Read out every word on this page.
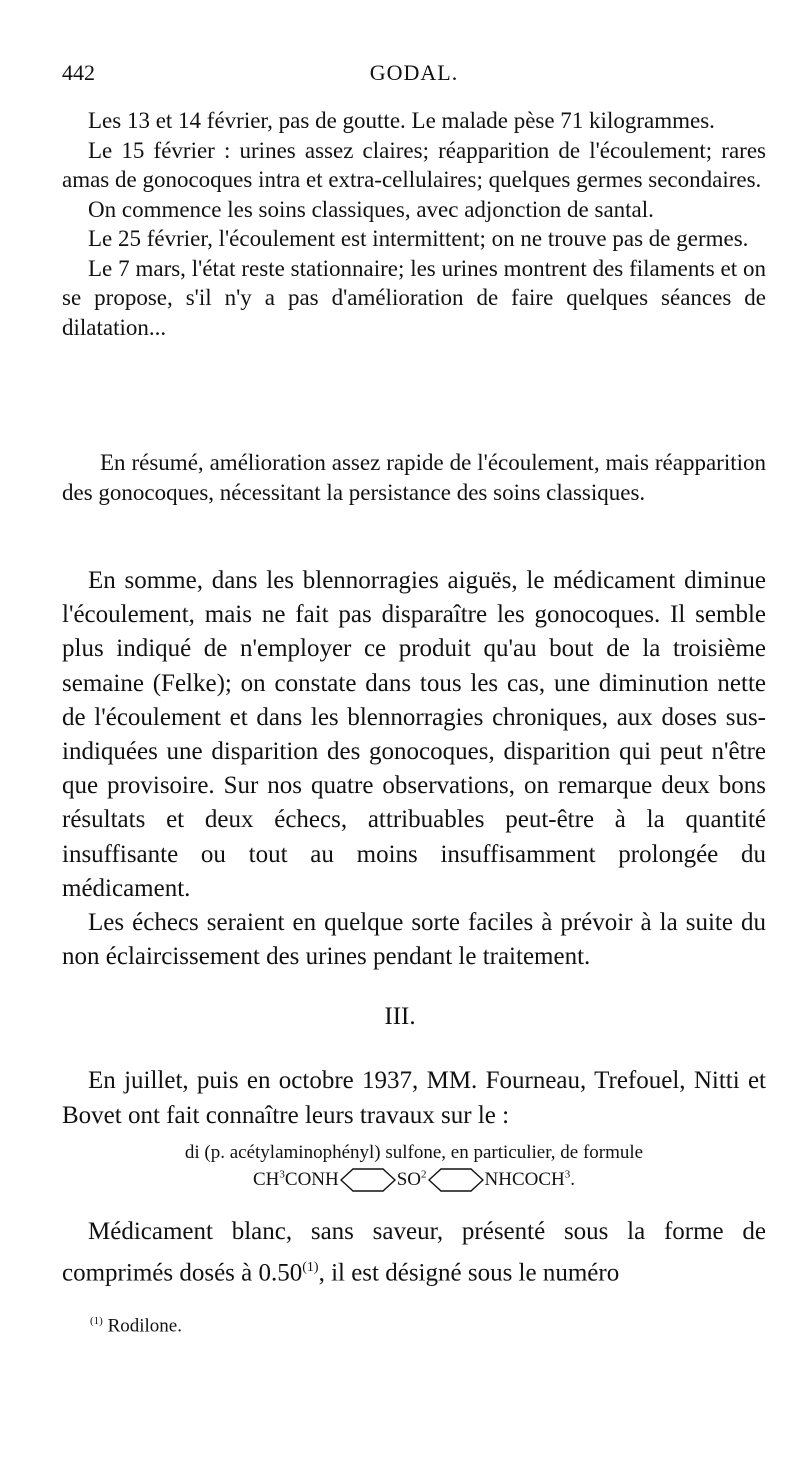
442	GODAL.

Les 13 et 14 février, pas de goutte. Le malade pèse 71 kilogrammes.

Le 15 février : urines assez claires; réapparition de l'écoulement; rares amas de gonocoques intra et extra-cellulaires; quelques germes secondaires.

On commence les soins classiques, avec adjonction de santal.

Le 25 février, l'écoulement est intermittent; on ne trouve pas de germes.

Le 7 mars, l'état reste stationnaire; les urines montrent des filaments et on se propose, s'il n'y a pas d'amélioration de faire quelques séances de dilatation...

En résumé, amélioration assez rapide de l'écoulement, mais réapparition des gonocoques, nécessitant la persistance des soins classiques.

En somme, dans les blennorragies aiguës, le médicament diminue l'écoulement, mais ne fait pas disparaître les gonocoques. Il semble plus indiqué de n'employer ce produit qu'au bout de la troisième semaine (Felke); on constate dans tous les cas, une diminution nette de l'écoulement et dans les blennorragies chroniques, aux doses sus-indiquées une disparition des gonocoques, disparition qui peut n'être que provisoire. Sur nos quatre observations, on remarque deux bons résultats et deux échecs, attribuables peut-être à la quantité insuffisante ou tout au moins insuffisamment prolongée du médicament.

Les échecs seraient en quelque sorte faciles à prévoir à la suite du non éclaircissement des urines pendant le traitement.

III.

En juillet, puis en octobre 1937, MM. Fourneau, Trefouel, Nitti et Bovet ont fait connaître leurs travaux sur le :

di (p. acétylaminophényl) sulfone, en particulier, de formule

$CH^3CONH$	$SO^2$	NHCOCH$^3$.

Médicament blanc, sans saveur, présenté sous la forme de comprimés dosés à 0.50$^{(1)}$, il est désigné sous le numéro

$^{(1)}$ Rodilone.
